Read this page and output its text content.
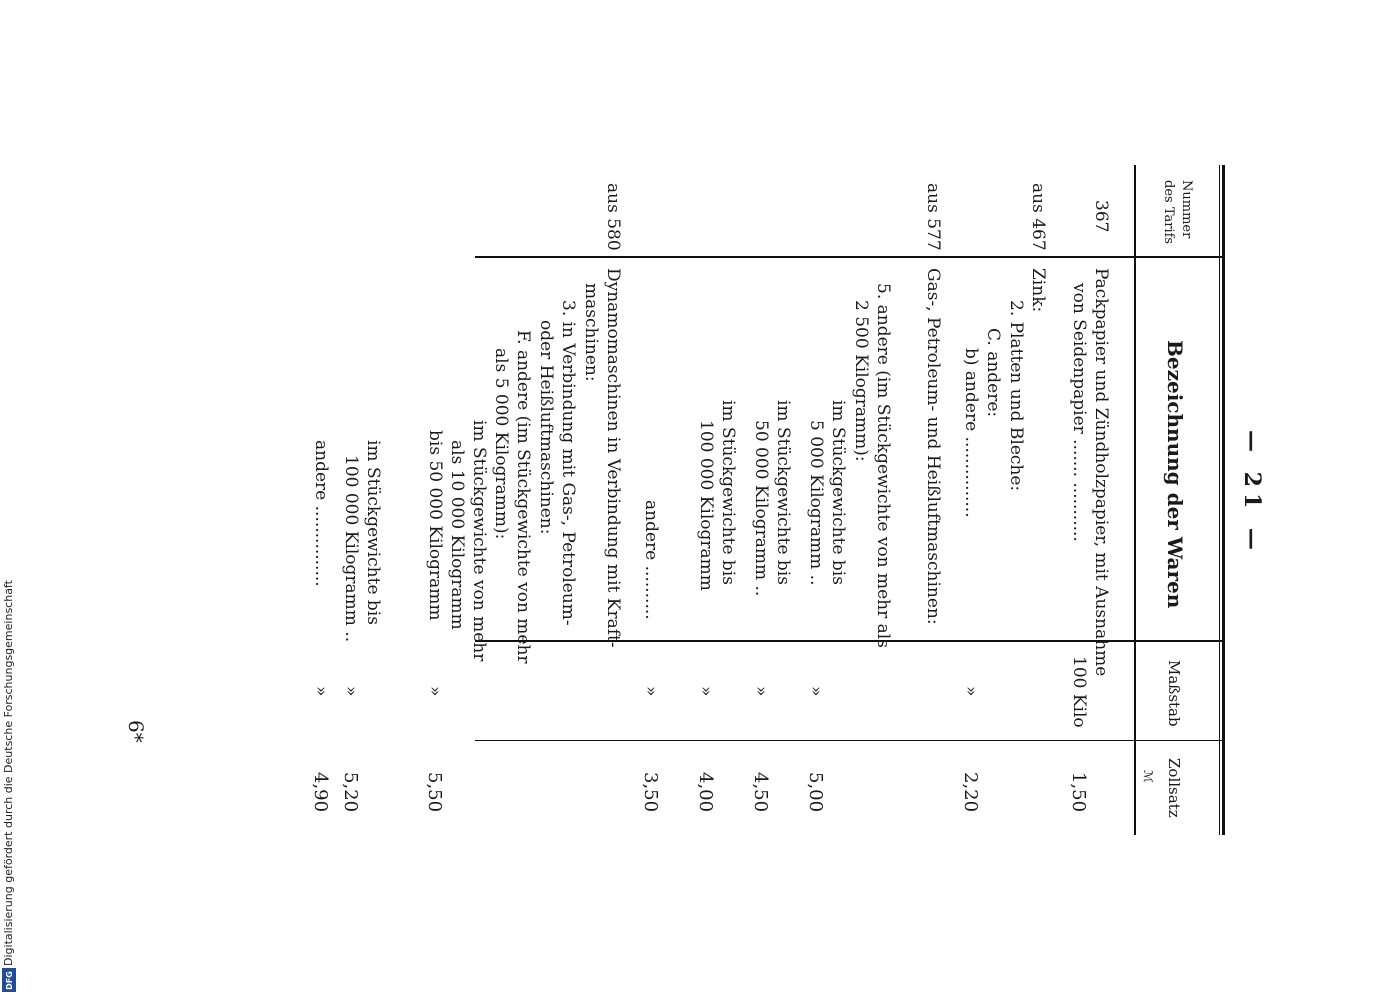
— 21 —
Nummer
des Tarifs
Bezeichnung der Waren
Maßstab
Zollsatz
ℳ
367
Packpapier und Zündholzpapier, mit Ausnahme
von Seidenpapier ....... ...........
100 Kilo
1,50
aus 467
Zink:
2. Platten und Bleche:
C. andere:
b) andere ...............
»
2,20
aus 577
Gas-, Petroleum- und Heißluftmaschinen:
5. andere (im Stückgewichte von mehr als
2 500 Kilogramm):
im Stückgewichte bis
5 000 Kilogramm ..
»
5,00
im Stückgewichte bis
50 000 Kilogramm ..
»
4,50
im Stückgewichte bis
100 000 Kilogramm
»
4,00
andere ..........
»
3,50
aus 580
Dynamomaschinen in Verbindung mit Kraft-
maschinen:
3. in Verbindung mit Gas-, Petroleum-
oder Heißluftmaschinen:
F. andere (im Stückgewichte von mehr
als 5 000 Kilogramm):
im Stückgewichte von mehr
als 10 000 Kilogramm
bis 50 000 Kilogramm
»
5,50
im Stückgewichte bis
100 000 Kilogramm ..
»
5,20
andere ...............
»
4,90
6*
Digitalisierung gefördert durch die Deutsche Forschungsgemeinschaft
DFG
